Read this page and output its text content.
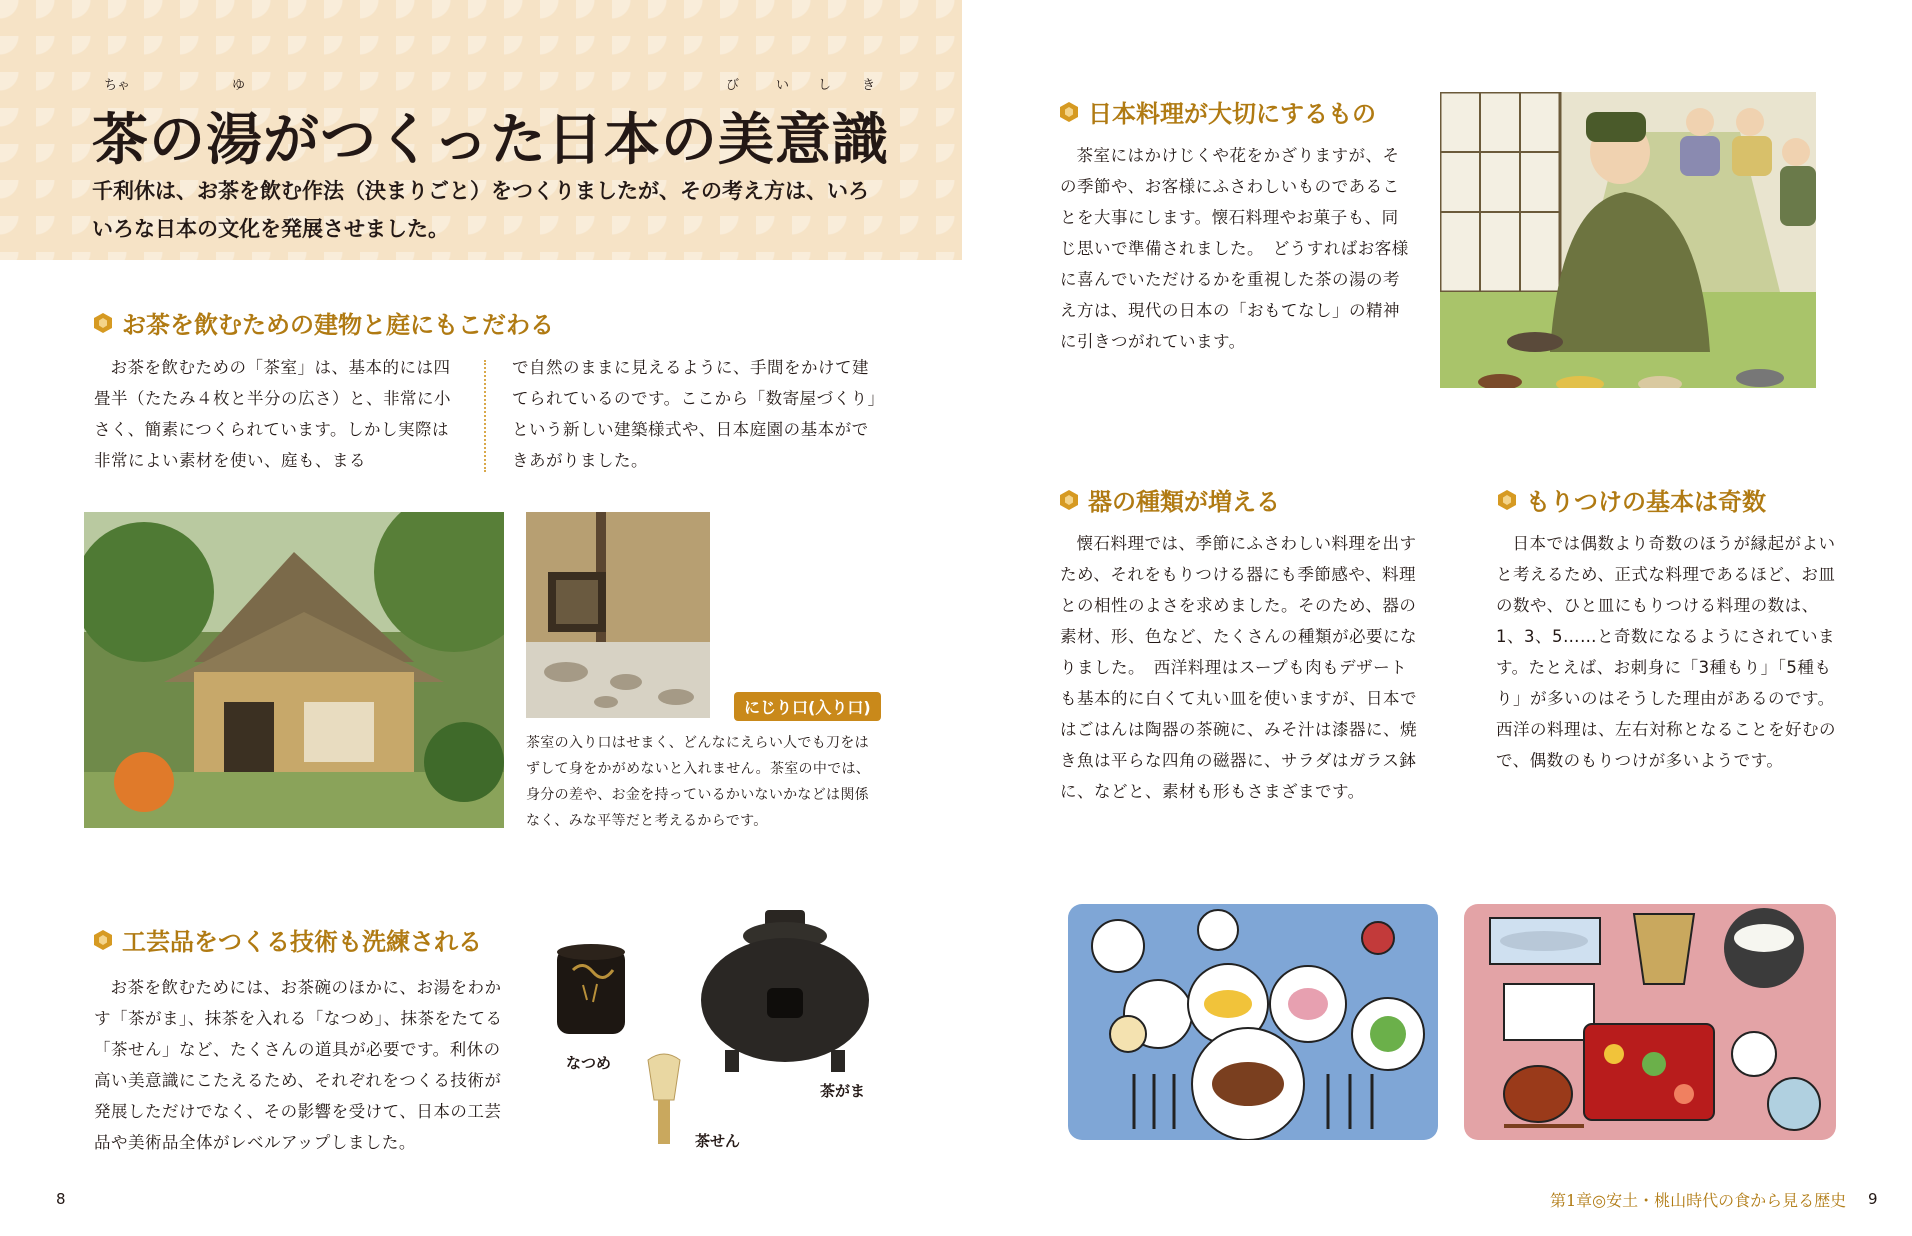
ちゃ	ゆ	び	い し き
茶の湯がつくった日本の美意識
千利休は、お茶を飲む作法（決まりごと）をつくりましたが、その考え方は、いろいろな日本の文化を発展させました。
お茶を飲むための建物と庭にもこだわる
お茶を飲むための「茶室」は、基本的には四畳半（たたみ４枚と半分の広さ）と、非常に小さく、簡素につくられています。しかし実際は非常によい素材を使い、庭も、まる
で自然のままに見えるように、手間をかけて建てられているのです。ここから「数寄屋づくり」という新しい建築様式や、日本庭園の基本ができあがりました。
にじり口(入り口)
茶室の入り口はせまく、どんなにえらい人でも刀をはずして身をかがめないと入れません。茶室の中では、身分の差や、お金を持っているかいないかなどは関係なく、みな平等だと考えるからです。
工芸品をつくる技術も洗練される
お茶を飲むためには、お茶碗のほかに、お湯をわかす「茶がま」、抹茶を入れる「なつめ」、抹茶をたてる「茶せん」など、たくさんの道具が必要です。利休の高い美意識にこたえるため、それぞれをつくる技術が発展しただけでなく、その影響を受けて、日本の工芸品や美術品全体がレベルアップしました。
なつめ
茶がま
茶せん
8
日本料理が大切にするもの
茶室にはかけじくや花をかざりますが、その季節や、お客様にふさわしいものであることを大事にします。懐石料理やお菓子も、同じ思いで準備されました。　どうすればお客様に喜んでいただけるかを重視した茶の湯の考え方は、現代の日本の「おもてなし」の精神に引きつがれています。
器の種類が増える
懐石料理では、季節にふさわしい料理を出すため、それをもりつける器にも季節感や、料理との相性のよさを求めました。そのため、器の素材、形、色など、たくさんの種類が必要になりました。　西洋料理はスープも肉もデザートも基本的に白くて丸い皿を使いますが、日本ではごはんは陶器の茶碗に、みそ汁は漆器に、焼き魚は平らな四角の磁器に、サラダはガラス鉢に、などと、素材も形もさまざまです。
もりつけの基本は奇数
日本では偶数より奇数のほうが縁起がよいと考えるため、正式な料理であるほど、お皿の数や、ひと皿にもりつける料理の数は、1、3、5……と奇数になるようにされています。たとえば、お刺身に「3種もり」「5種もり」が多いのはそうした理由があるのです。　西洋の料理は、左右対称となることを好むので、偶数のもりつけが多いようです。
第1章◎安土・桃山時代の食から見る歴史 9
